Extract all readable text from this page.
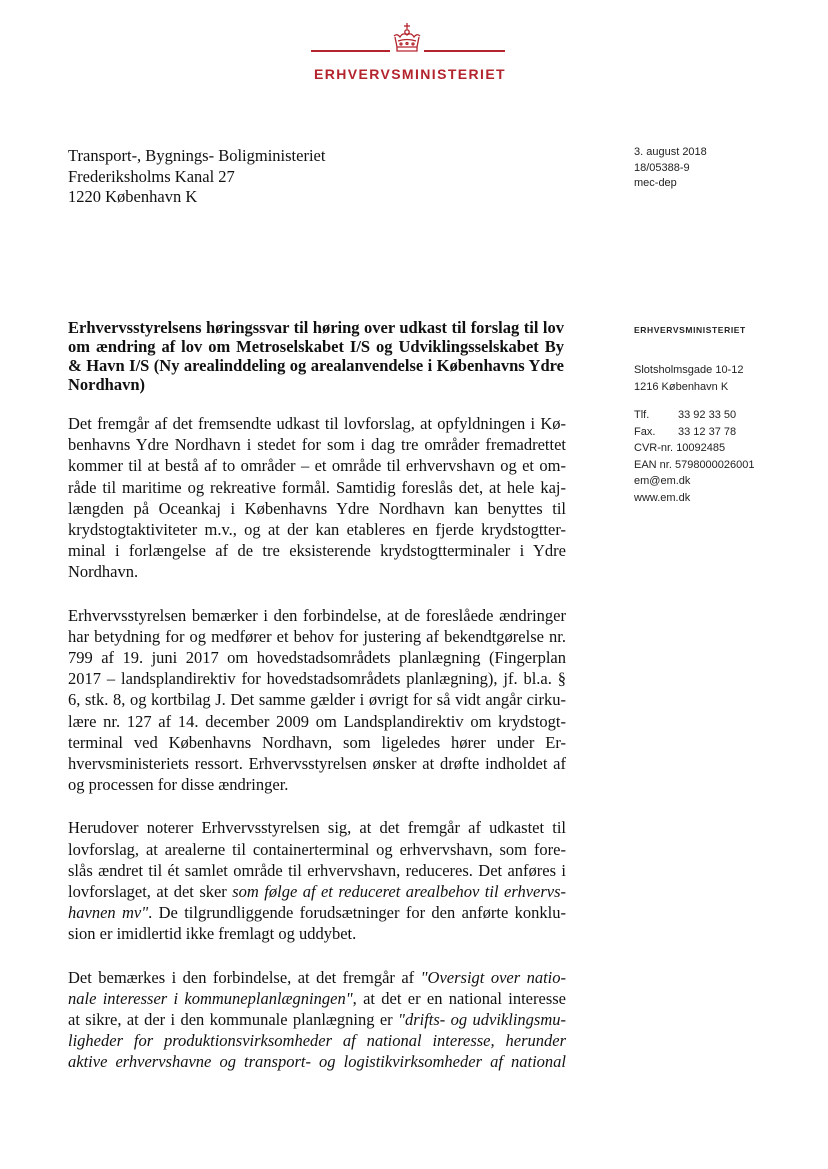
ERHVERVSMINISTERIET
Transport-, Bygnings- Boligministeriet
Frederiksholms Kanal 27
1220 København K
3. august 2018
18/05388-9
mec-dep
ERHVERVSMINISTERIET
Slotsholmsgade 10-12
1216 København K
Tlf.	33 92 33 50
Fax. 33 12 37 78
CVR-nr. 10092485
EAN nr. 5798000026001
em@em.dk
www.em.dk
Erhvervsstyrelsens høringssvar til høring over udkast til forslag til lov om ændring af lov om Metroselskabet I/S og Udviklingsselskabet By & Havn I/S (Ny arealinddeling og arealanvendelse i Københavns Ydre Nordhavn)
Det fremgår af det fremsendte udkast til lovforslag, at opfyldningen i Kø-
benhavns Ydre Nordhavn i stedet for som i dag tre områder fremadrettet
kommer til at bestå af to områder – et område til erhvervshavn og et om-
råde til maritime og rekreative formål. Samtidig foreslås det, at hele kaj-
længden på Oceankaj i Københavns Ydre Nordhavn kan benyttes til
krydstogtaktiviteter m.v., og at der kan etableres en fjerde krydstogtter-
minal i forlængelse af de tre eksisterende krydstogtterminaler i Ydre
Nordhavn.
Erhvervsstyrelsen bemærker i den forbindelse, at de foreslåede ændringer
har betydning for og medfører et behov for justering af bekendtgørelse nr.
799 af 19. juni 2017 om hovedstadsområdets planlægning (Fingerplan
2017 – landsplandirektiv for hovedstadsområdets planlægning), jf. bl.a. §
6, stk. 8, og kortbilag J. Det samme gælder i øvrigt for så vidt angår cirku-
lære nr. 127 af 14. december 2009 om Landsplandirektiv om krydstogt-
terminal ved Københavns Nordhavn, som ligeledes hører under Er-
hvervsministeriets ressort. Erhvervsstyrelsen ønsker at drøfte indholdet af
og processen for disse ændringer.
Herudover noterer Erhvervsstyrelsen sig, at det fremgår af udkastet til
lovforslag, at arealerne til containerterminal og erhvervshavn, som fore-
slås ændret til ét samlet område til erhvervshavn, reduceres. Det anføres i
lovforslaget, at det sker som følge af et reduceret arealbehov til erhvervs-
havnen mv". De tilgrundliggende forudsætninger for den anførte konklu-
sion er imidlertid ikke fremlagt og uddybet.
Det bemærkes i den forbindelse, at det fremgår af "Oversigt over natio-
nale interesser i kommuneplanlægningen", at det er en national interesse
at sikre, at der i den kommunale planlægning er "drifts- og udviklingsmu-
ligheder for produktionsvirksomheder af national interesse, herunder
aktive erhvervshavne og transport- og logistikvirksomheder af national
